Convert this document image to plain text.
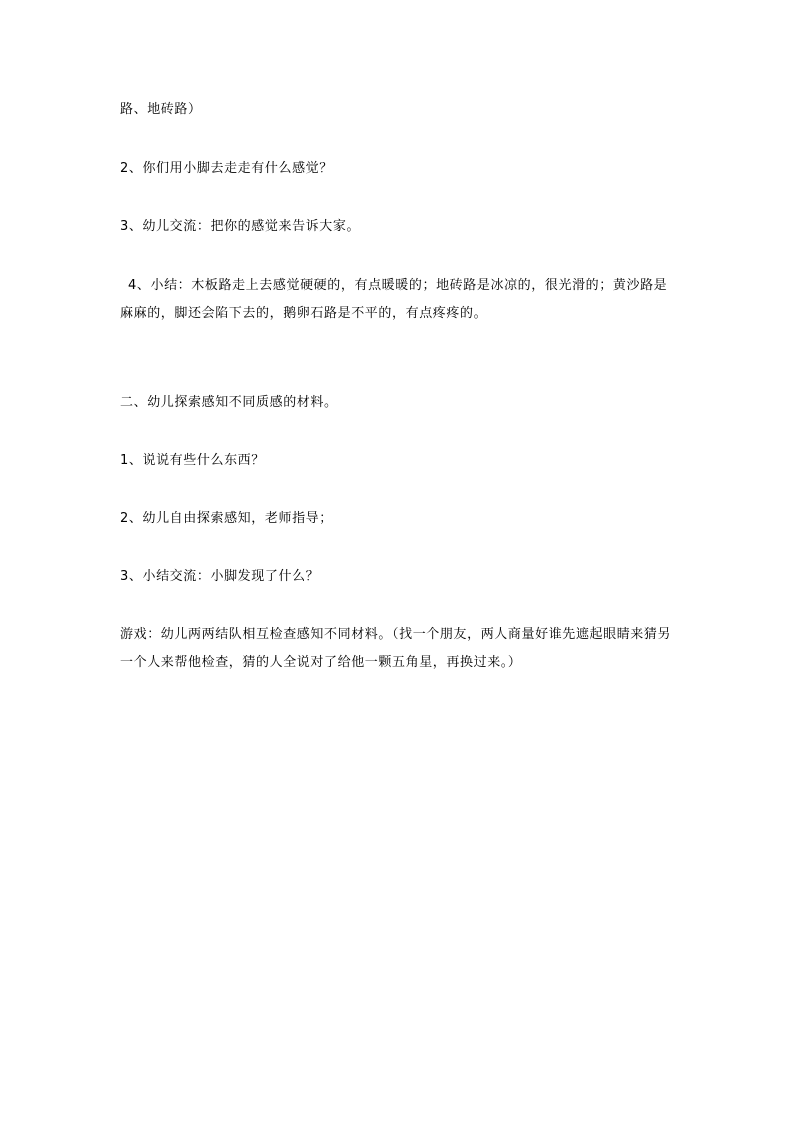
路、地砖路）
2、你们用小脚去走走有什么感觉？
3、幼儿交流：把你的感觉来告诉大家。
4、小结：木板路走上去感觉硬硬的，有点暖暖的；地砖路是冰凉的，很光滑的；黄沙路是麻麻的，脚还会陷下去的，鹅卵石路是不平的，有点疼疼的。
二、幼儿探索感知不同质感的材料。
1、说说有些什么东西？
2、幼儿自由探索感知，老师指导；
3、小结交流：小脚发现了什么？
游戏：幼儿两两结队相互检查感知不同材料。（找一个朋友，两人商量好谁先遮起眼睛来猜另一个人来帮他检查，猜的人全说对了给他一颗五角星，再换过来。）
